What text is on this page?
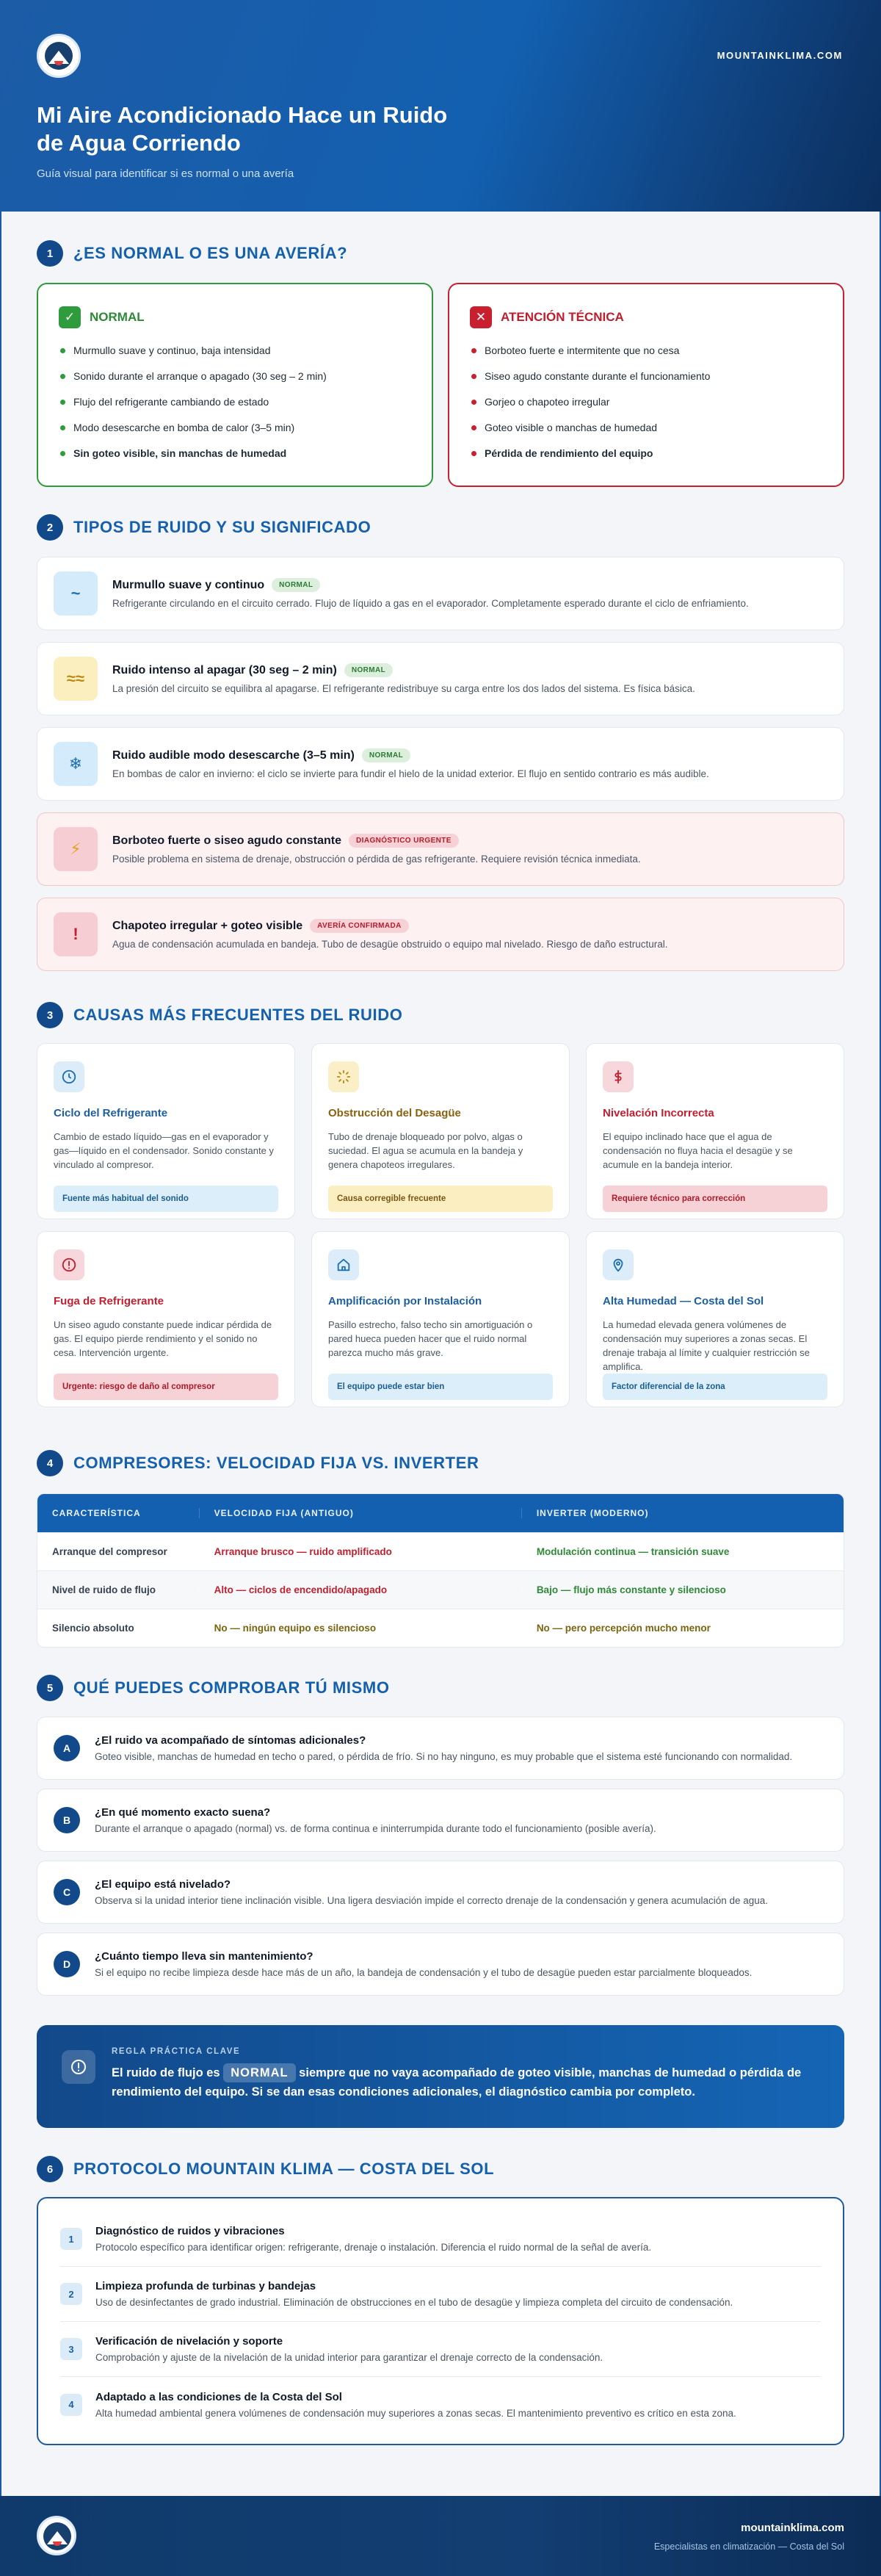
MOUNTAINKLIMA.COM
Mi Aire Acondicionado Hace un Ruido de Agua Corriendo
Guía visual para identificar si es normal o una avería
1	¿ES NORMAL O ES UNA AVERÍA?
✓	NORMAL
Murmullo suave y continuo, baja intensidad
Sonido durante el arranque o apagado (30 seg – 2 min)
Flujo del refrigerante cambiando de estado
Modo desescarche en bomba de calor (3–5 min)
Sin goteo visible, sin manchas de humedad
✕	ATENCIÓN TÉCNICA
Borboteo fuerte e intermitente que no cesa
Siseo agudo constante durante el funcionamiento
Gorjeo o chapoteo irregular
Goteo visible o manchas de humedad
Pérdida de rendimiento del equipo
2	TIPOS DE RUIDO Y SU SIGNIFICADO
~	Murmullo suave y continuo	NORMAL
Refrigerante circulando en el circuito cerrado. Flujo de líquido a gas en el evaporador. Completamente esperado durante el ciclo de enfriamiento.
≈≈	Ruido intenso al apagar (30 seg – 2 min)	NORMAL
La presión del circuito se equilibra al apagarse. El refrigerante redistribuye su carga entre los dos lados del sistema. Es física básica.
❄	Ruido audible modo desescarche (3–5 min)	NORMAL
En bombas de calor en invierno: el ciclo se invierte para fundir el hielo de la unidad exterior. El flujo en sentido contrario es más audible.
⚡	Borboteo fuerte o siseo agudo constante	DIAGNÓSTICO URGENTE
Posible problema en sistema de drenaje, obstrucción o pérdida de gas refrigerante. Requiere revisión técnica inmediata.
!	Chapoteo irregular + goteo visible	AVERÍA CONFIRMADA
Agua de condensación acumulada en bandeja. Tubo de desagüe obstruido o equipo mal nivelado. Riesgo de daño estructural.
3	CAUSAS MÁS FRECUENTES DEL RUIDO
Ciclo del Refrigerante
Cambio de estado líquido—gas en el evaporador y gas—líquido en el condensador. Sonido constante y vinculado al compresor.
Fuente más habitual del sonido
Obstrucción del Desagüe
Tubo de drenaje bloqueado por polvo, algas o suciedad. El agua se acumula en la bandeja y genera chapoteos irregulares.
Causa corregible frecuente
Nivelación Incorrecta
El equipo inclinado hace que el agua de condensación no fluya hacia el desagüe y se acumule en la bandeja interior.
Requiere técnico para corrección
Fuga de Refrigerante
Un siseo agudo constante puede indicar pérdida de gas. El equipo pierde rendimiento y el sonido no cesa. Intervención urgente.
Urgente: riesgo de daño al compresor
Amplificación por Instalación
Pasillo estrecho, falso techo sin amortiguación o pared hueca pueden hacer que el ruido normal parezca mucho más grave.
El equipo puede estar bien
Alta Humedad — Costa del Sol
La humedad elevada genera volúmenes de condensación muy superiores a zonas secas. El drenaje trabaja al límite y cualquier restricción se amplifica.
Factor diferencial de la zona
4	COMPRESORES: VELOCIDAD FIJA VS. INVERTER
CARACTERÍSTICA	VELOCIDAD FIJA (ANTIGUO)	INVERTER (MODERNO)
Arranque del compresor	Arranque brusco — ruido amplificado	Modulación continua — transición suave
Nivel de ruido de flujo	Alto — ciclos de encendido/apagado	Bajo — flujo más constante y silencioso
Silencio absoluto	No — ningún equipo es silencioso	No — pero percepción mucho menor
5	QUÉ PUEDES COMPROBAR TÚ MISMO
A
¿El ruido va acompañado de síntomas adicionales?
Goteo visible, manchas de humedad en techo o pared, o pérdida de frío. Si no hay ninguno, es muy probable que el sistema esté funcionando con normalidad.
B
¿En qué momento exacto suena?
Durante el arranque o apagado (normal) vs. de forma continua e ininterrumpida durante todo el funcionamiento (posible avería).
C
¿El equipo está nivelado?
Observa si la unidad interior tiene inclinación visible. Una ligera desviación impide el correcto drenaje de la condensación y genera acumulación de agua.
D
¿Cuánto tiempo lleva sin mantenimiento?
Si el equipo no recibe limpieza desde hace más de un año, la bandeja de condensación y el tubo de desagüe pueden estar parcialmente bloqueados.
REGLA PRÁCTICA CLAVE
El ruido de flujo es NORMAL siempre que no vaya acompañado de goteo visible, manchas de humedad o pérdida de rendimiento del equipo. Si se dan esas condiciones adicionales, el diagnóstico cambia por completo.
6	PROTOCOLO MOUNTAIN KLIMA — COSTA DEL SOL
1
Diagnóstico de ruidos y vibraciones
Protocolo específico para identificar origen: refrigerante, drenaje o instalación. Diferencia el ruido normal de la señal de avería.
2
Limpieza profunda de turbinas y bandejas
Uso de desinfectantes de grado industrial. Eliminación de obstrucciones en el tubo de desagüe y limpieza completa del circuito de condensación.
3
Verificación de nivelación y soporte
Comprobación y ajuste de la nivelación de la unidad interior para garantizar el drenaje correcto de la condensación.
4
Adaptado a las condiciones de la Costa del Sol
Alta humedad ambiental genera volúmenes de condensación muy superiores a zonas secas. El mantenimiento preventivo es crítico en esta zona.
mountainklima.com
Especialistas en climatización — Costa del Sol
